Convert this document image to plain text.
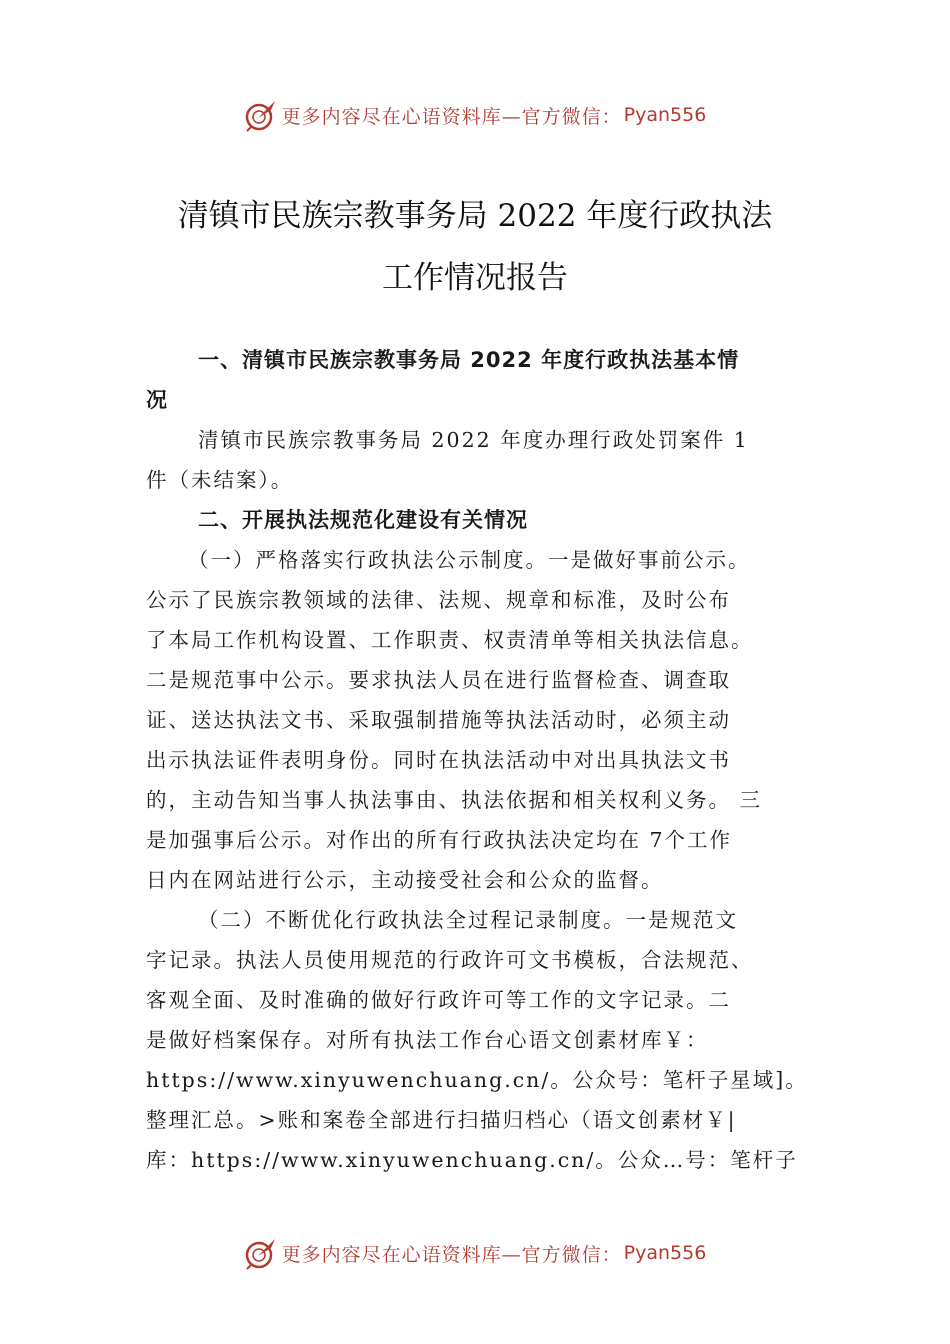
更多内容尽在心语资料库—官方微信： Pyan556
清镇市民族宗教事务局 2022 年度行政执法
工作情况报告
一、清镇市民族宗教事务局 2022 年度行政执法基本情
况
清镇市民族宗教事务局 2022 年度办理行政处罚案件 1
件（未结案）。
二、开展执法规范化建设有关情况
（一）严格落实行政执法公示制度。一是做好事前公示。
公示了民族宗教领域的法律、法规、规章和标准，及时公布
了本局工作机构设置、工作职责、权责清单等相关执法信息。
二是规范事中公示。要求执法人员在进行监督检查、调查取
证、送达执法文书、采取强制措施等执法活动时，必须主动
出示执法证件表明身份。同时在执法活动中对出具执法文书
的，主动告知当事人执法事由、执法依据和相关权利义务。 三
是加强事后公示。对作出的所有行政执法决定均在 7个工作
日内在网站进行公示，主动接受社会和公众的监督。
（二）不断优化行政执法全过程记录制度。一是规范文
字记录。执法人员使用规范的行政许可文书模板，合法规范、
客观全面、及时准确的做好行政许可等工作的文字记录。二
是做好档案保存。对所有执法工作台心语文创素材库￥：
https://www.xinyuwenchuang.cn/。公众号：笔杆子星域]。
整理汇总。>账和案卷全部进行扫描归档心（语文创素材￥|
库：https://www.xinyuwenchuang.cn/。公众…号：笔杆子
更多内容尽在心语资料库—官方微信： Pyan556
